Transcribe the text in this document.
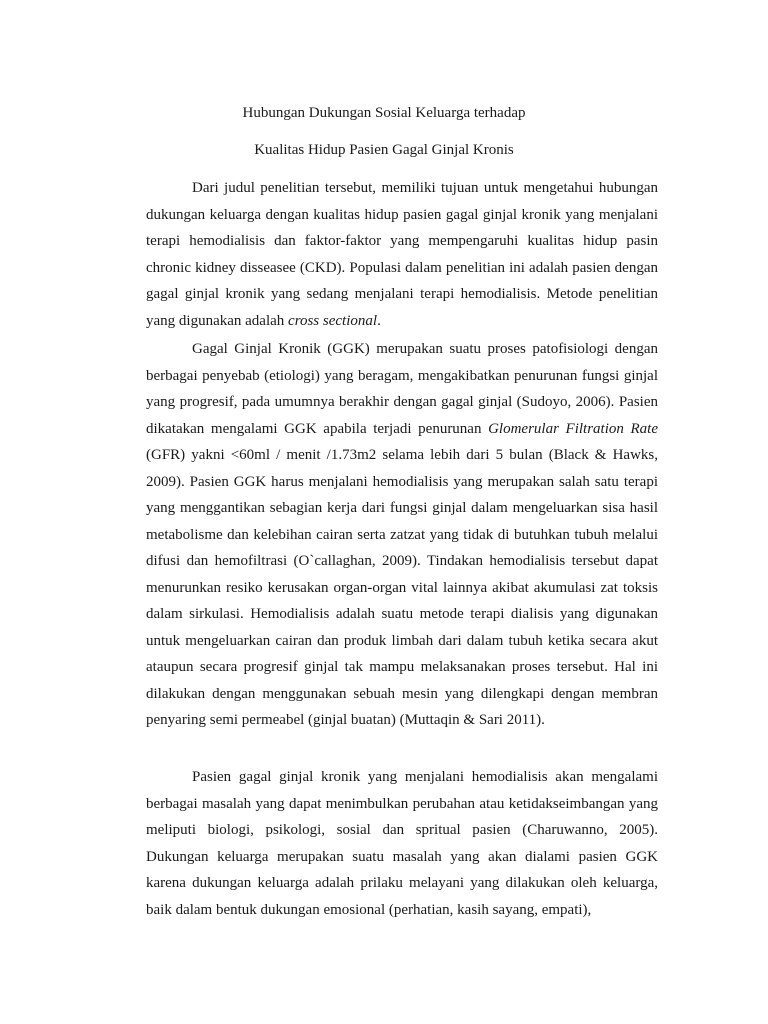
Hubungan Dukungan Sosial Keluarga terhadap
Kualitas Hidup Pasien Gagal Ginjal Kronis

Dari judul penelitian tersebut, memiliki tujuan untuk mengetahui hubungan dukungan keluarga dengan kualitas hidup pasien gagal ginjal kronik yang menjalani terapi hemodialisis dan faktor-faktor yang mempengaruhi kualitas hidup pasin chronic kidney disseasee (CKD). Populasi dalam penelitian ini adalah pasien dengan gagal ginjal kronik yang sedang menjalani terapi hemodialisis. Metode penelitian yang digunakan adalah cross sectional.

Gagal Ginjal Kronik (GGK) merupakan suatu proses patofisiologi dengan berbagai penyebab (etiologi) yang beragam, mengakibatkan penurunan fungsi ginjal yang progresif, pada umumnya berakhir dengan gagal ginjal (Sudoyo, 2006). Pasien dikatakan mengalami GGK apabila terjadi penurunan Glomerular Filtration Rate (GFR) yakni <60ml / menit /1.73m2 selama lebih dari 5 bulan (Black & Hawks, 2009). Pasien GGK harus menjalani hemodialisis yang merupakan salah satu terapi yang menggantikan sebagian kerja dari fungsi ginjal dalam mengeluarkan sisa hasil metabolisme dan kelebihan cairan serta zatzat yang tidak di butuhkan tubuh melalui difusi dan hemofiltrasi (O`callaghan, 2009). Tindakan hemodialisis tersebut dapat menurunkan resiko kerusakan organ-organ vital lainnya akibat akumulasi zat toksis dalam sirkulasi. Hemodialisis adalah suatu metode terapi dialisis yang digunakan untuk mengeluarkan cairan dan produk limbah dari dalam tubuh ketika secara akut ataupun secara progresif ginjal tak mampu melaksanakan proses tersebut. Hal ini dilakukan dengan menggunakan sebuah mesin yang dilengkapi dengan membran penyaring semi permeabel (ginjal buatan) (Muttaqin & Sari 2011).

Pasien gagal ginjal kronik yang menjalani hemodialisis akan mengalami berbagai masalah yang dapat menimbulkan perubahan atau ketidakseimbangan yang meliputi biologi, psikologi, sosial dan spritual pasien (Charuwanno, 2005). Dukungan keluarga merupakan suatu masalah yang akan dialami pasien GGK karena dukungan keluarga adalah prilaku melayani yang dilakukan oleh keluarga, baik dalam bentuk dukungan emosional (perhatian, kasih sayang, empati),
